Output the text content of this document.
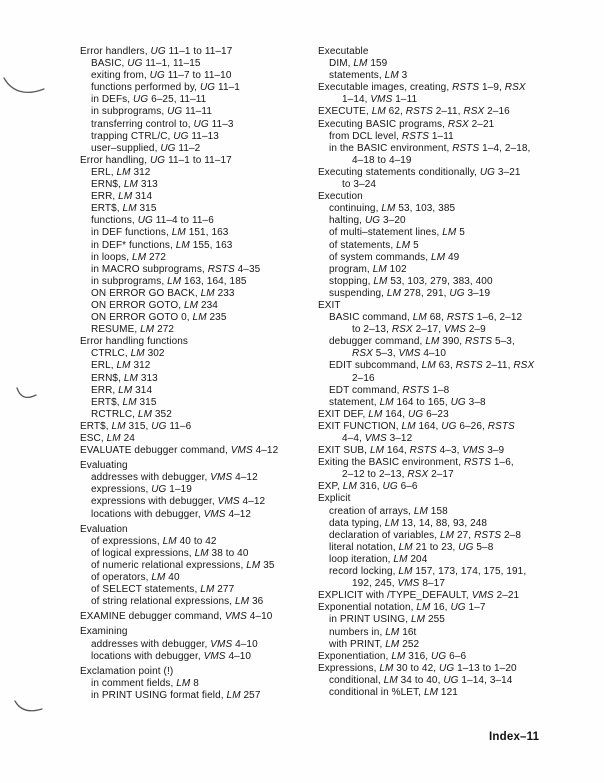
Error handlers, UG 11–1 to 11–17
BASIC, UG 11–1, 11–15
exiting from, UG 11–7 to 11–10
functions performed by, UG 11–1
in DEFs, UG 6–25, 11–11
in subprograms, UG 11–11
transferring control to, UG 11–3
trapping CTRL/C, UG 11–13
user–supplied, UG 11–2
Error handling, UG 11–1 to 11–17
ERL, LM 312
ERN$, LM 313
ERR, LM 314
ERT$, LM 315
functions, UG 11–4 to 11–6
in DEF functions, LM 151, 163
in DEF* functions, LM 155, 163
in loops, LM 272
in MACRO subprograms, RSTS 4–35
in subprograms, LM 163, 164, 185
ON ERROR GO BACK, LM 233
ON ERROR GOTO, LM 234
ON ERROR GOTO 0, LM 235
RESUME, LM 272
Error handling functions
CTRLC, LM 302
ERL, LM 312
ERN$, LM 313
ERR, LM 314
ERT$, LM 315
RCTRLC, LM 352
ERT$, LM 315, UG 11–6
ESC, LM 24
EVALUATE debugger command, VMS 4–12
Evaluating
addresses with debugger, VMS 4–12
expressions, UG 1–19
expressions with debugger, VMS 4–12
locations with debugger, VMS 4–12
Evaluation
of expressions, LM 40 to 42
of logical expressions, LM 38 to 40
of numeric relational expressions, LM 35
of operators, LM 40
of SELECT statements, LM 277
of string relational expressions, LM 36
EXAMINE debugger command, VMS 4–10
Examining
addresses with debugger, VMS 4–10
locations with debugger, VMS 4–10
Exclamation point (!)
in comment fields, LM 8
in PRINT USING format field, LM 257
Executable
DIM, LM 159
statements, LM 3
Executable images, creating, RSTS 1–9, RSX
1–14, VMS 1–11
EXECUTE, LM 62, RSTS 2–11, RSX 2–16
Executing BASIC programs, RSX 2–21
from DCL level, RSTS 1–11
in the BASIC environment, RSTS 1–4, 2–18,
4–18 to 4–19
Executing statements conditionally, UG 3–21
to 3–24
Execution
continuing, LM 53, 103, 385
halting, UG 3–20
of multi–statement lines, LM 5
of statements, LM 5
of system commands, LM 49
program, LM 102
stopping, LM 53, 103, 279, 383, 400
suspending, LM 278, 291, UG 3–19
EXIT
BASIC command, LM 68, RSTS 1–6, 2–12
to 2–13, RSX 2–17, VMS 2–9
debugger command, LM 390, RSTS 5–3,
RSX 5–3, VMS 4–10
EDIT subcommand, LM 63, RSTS 2–11, RSX
2–16
EDT command, RSTS 1–8
statement, LM 164 to 165, UG 3–8
EXIT DEF, LM 164, UG 6–23
EXIT FUNCTION, LM 164, UG 6–26, RSTS
4–4, VMS 3–12
EXIT SUB, LM 164, RSTS 4–3, VMS 3–9
Exiting the BASIC environment, RSTS 1–6,
2–12 to 2–13, RSX 2–17
EXP, LM 316, UG 6–6
Explicit
creation of arrays, LM 158
data typing, LM 13, 14, 88, 93, 248
declaration of variables, LM 27, RSTS 2–8
literal notation, LM 21 to 23, UG 5–8
loop iteration, LM 204
record locking, LM 157, 173, 174, 175, 191,
192, 245, VMS 8–17
EXPLICIT with /TYPE_DEFAULT, VMS 2–21
Exponential notation, LM 16, UG 1–7
in PRINT USING, LM 255
numbers in, LM 16t
with PRINT, LM 252
Exponentiation, LM 316, UG 6–6
Expressions, LM 30 to 42, UG 1–13 to 1–20
conditional, LM 34 to 40, UG 1–14, 3–14
conditional in %LET, LM 121
Index–11
